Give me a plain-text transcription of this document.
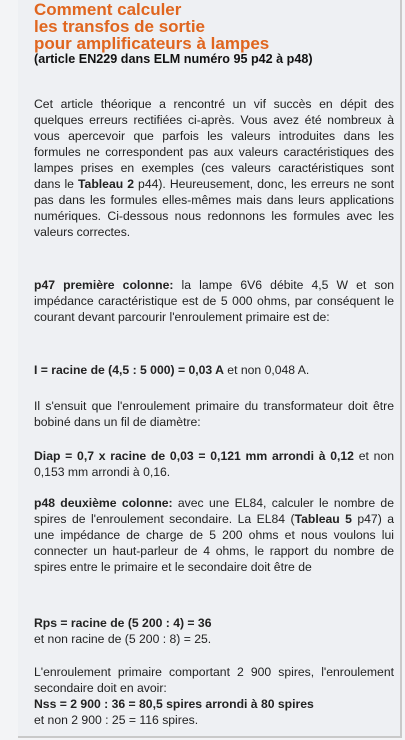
Comment calculer
les transfos de sortie
pour amplificateurs à lampes
(article EN229 dans ELM numéro 95 p42 à p48)

Cet article théorique a rencontré un vif succès en dépit des quelques erreurs rectifiées ci-après. Vous avez été nombreux à vous apercevoir que parfois les valeurs introduites dans les formules ne correspondent pas aux valeurs caractéristiques des lampes prises en exemples (ces valeurs caractéristiques sont dans le Tableau 2 p44). Heureusement, donc, les erreurs ne sont pas dans les formules elles-mêmes mais dans leurs applications numériques. Ci-dessous nous redonnons les formules avec les valeurs correctes.

p47 première colonne: la lampe 6V6 débite 4,5 W et son impédance caractéristique est de 5 000 ohms, par conséquent le courant devant parcourir l'enroulement primaire est de:

I = racine de (4,5 : 5 000) = 0,03 A et non 0,048 A.

Il s'ensuit que l'enroulement primaire du transformateur doit être bobiné dans un fil de diamètre:

Diap = 0,7 x racine de 0,03 = 0,121 mm arrondi à 0,12 et non 0,153 mm arrondi à 0,16.

p48 deuxième colonne: avec une EL84, calculer le nombre de spires de l'enroulement secondaire. La EL84 (Tableau 5 p47) a une impédance de charge de 5 200 ohms et nous voulons lui connecter un haut-parleur de 4 ohms, le rapport du nombre de spires entre le primaire et le secondaire doit être de

Rps = racine de (5 200 : 4) = 36

et non racine de (5 200 : 8) = 25.

L'enroulement primaire comportant 2 900 spires, l'enroulement secondaire doit en avoir:

Nss = 2 900 : 36 = 80,5 spires arrondi à 80 spires

et non 2 900 : 25 = 116 spires.
